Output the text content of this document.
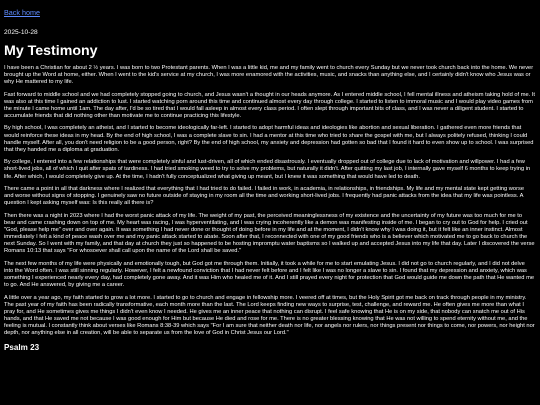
Back home
2025-10-28
My Testimony

I have been a Christian for about 2 ½ years. I was born to two Protestant parents. When I was a little kid, me and my family went to church every Sunday but we never took church back into the home. We never brought up the Word at home, either. When I went to the kid's service at my church, I was more enamored with the activities, music, and snacks than anything else, and I certainly didn't know who Jesus was or why He mattered to my life.

Fast forward to middle school and we had completely stopped going to church, and Jesus wasn't a thought in our heads anymore. As I entered middle school, I fell mental illness and atheism taking hold of me. It was also at this time I gained an addiction to lust. I started watching porn around this time and continued almost every day through college. I started to listen to immoral music and I would play video games from the minute I came home until 1am. The day after, I'd be so tired that I would fall asleep in almost every class period. I often slept through important bits of class, and I was never a diligent student. I started to accumulate friends that did nothing other than motivate me to continue practicing this lifestyle.

By high school, I was completely an atheist, and I started to become ideologically far-left. I started to adopt harmful ideas and ideologies like abortion and sexual liberation. I gathered even more friends that would reinforce these ideas in my head. By the end of high school, I was a complete slave to sin. I had a mentor at this time who tried to share the gospel with me, but I always politely refused, thinking I could handle myself. After all, you don't need religion to be a good person, right? By the end of high school, my anxiety and depression had gotten so bad that I found it hard to even show up to school. I was surprised that they handed me a diploma at graduation.

By college, I entered into a few relationships that were completely sinful and lust-driven, all of which ended disastrously. I eventually dropped out of college due to lack of motivation and willpower. I had a few short-lived jobs, all of which I quit after spats of tardiness. I had tried smoking weed to try to solve my problems, but naturally it didn't. After quitting my last job, I internally gave myself 6 months to keep trying in life. After which, I would completely give up. At the time, I hadn't fully conceptualized what giving up meant, but I knew it was something that would have led to death.

There came a point in all that darkness where I realized that everything that I had tried to do failed. I failed in work, in academia, in relationships, in friendships. My life and my mental state kept getting worse and worse without signs of stopping. I genuinely saw no future outside of staying in my room all the time and working short-lived jobs. I frequently had panic attacks from the idea that my life was pointless. A question I kept asking myself was: Is this really all there is?

Then there was a night in 2023 where I had the worst panic attack of my life. The weight of my past, the perceived meaninglessness of my existence and the uncertainty of my future was too much for me to bear and came crashing down on top of me. My heart was racing, I was hyperventilating, and I was crying incoherently like a demon was manifesting inside of me. I began to cry out to God for help. I cried out "God, please help me" over and over again. It was something I had never done or thought of doing before in my life and at the moment, I didn't know why I was doing it, but it felt like an inner instinct. Almost immediately I felt a kind of peace wash over me and my panic attack started to abate. Soon after that, I reconnected with one of my good friends who is a believer which motivated me to go back to church the next Sunday. So I went with my family, and that day at church they just so happened to be hosting impromptu water baptisms so I walked up and accepted Jesus into my life that day. Later I discovered the verse Romans 10:13 that says "For whosoever shall call upon the name of the Lord shall be saved."

The next few months of my life were physically and emotionally tough, but God got me through them. Initially, it took a while for me to start emulating Jesus. I did not go to church regularly, and I did not delve into the Word often. I was still sinning regularly. However, I felt a newfound conviction that I had never felt before and I felt like I was no longer a slave to sin. I found that my depression and anxiety, which was something I experienced nearly every day, had completely gone away. And it was Him who healed me of it. And I still prayed every night for protection that God would guide me down the path that He wanted me to go. And He answered, by giving me a career.

A little over a year ago, my faith started to grow a lot more. I started to go to church and engage in fellowship more. I veered off at times, but the Holy Spirit got me back on track through people in my ministry. The past year of my faith has been radically transformative, each month more than the last. The Lord keeps finding new ways to surprise, test, challenge, and reward me. He often gives me more than what I pray for, and He sometimes gives me things I didn't even know I needed. He gives me an inner peace that nothing can disrupt. I feel safe knowing that He is on my side, that nobody can snatch me out of His hands, and that He saved me not because I was good enough for Him but because He died and rose for me. There is no greater blessing knowing that He was not willing to spend eternity without me, and the feeling is mutual. I constantly think about verses like Romans 8:38-39 which says "For I am sure that neither death nor life, nor angels nor rulers, nor things present nor things to come, nor powers, nor height nor depth, nor anything else in all creation, will be able to separate us from the love of God in Christ Jesus our Lord."

Psalm 23
